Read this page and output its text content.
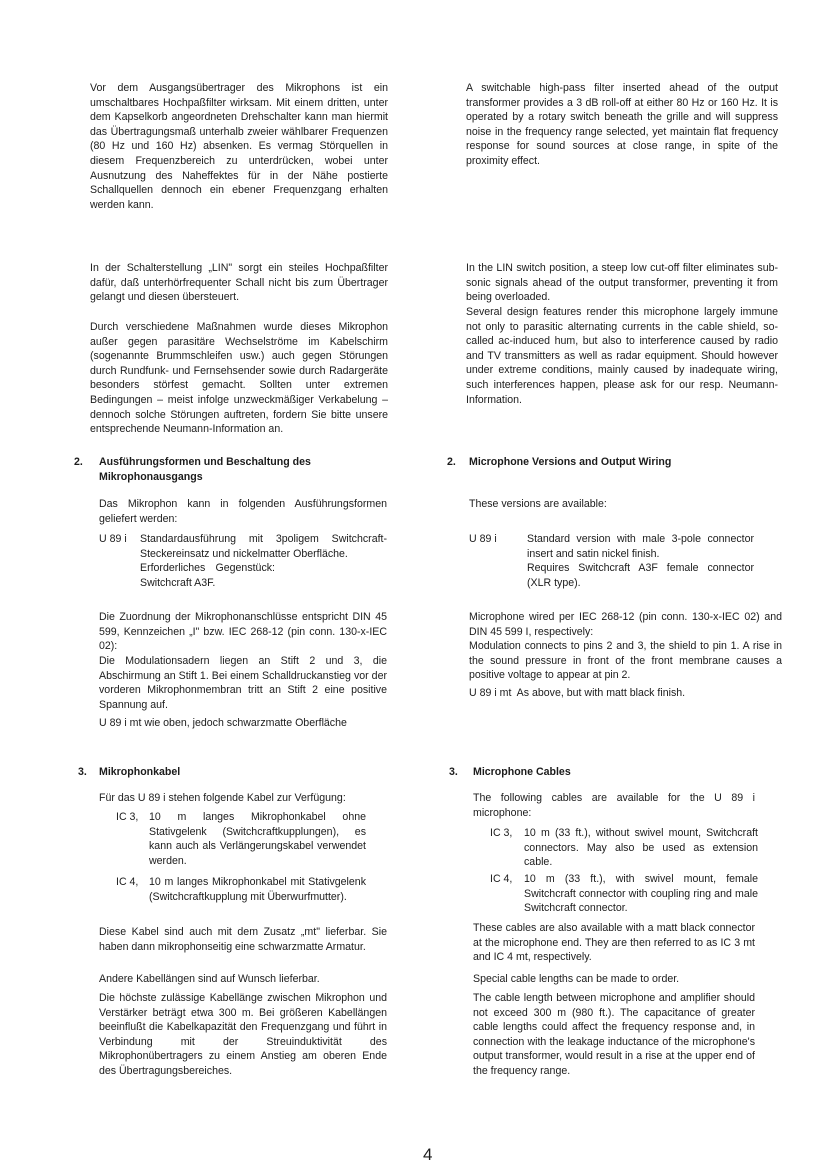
Vor dem Ausgangsübertrager des Mikrophons ist ein umschaltbares Hochpaßfilter wirksam. Mit einem dritten, unter dem Kapselkorb angeordneten Drehschalter kann man hiermit das Übertragungsmaß unterhalb zweier wählbarer Frequenzen (80 Hz und 160 Hz) absenken. Es vermag Störquellen in diesem Frequenzbereich zu unterdrücken, wobei unter Ausnutzung des Naheffektes für in der Nähe postierte Schallquellen dennoch ein ebener Frequenzgang erhalten werden kann.
In der Schalterstellung „LIN" sorgt ein steiles Hochpaßfilter dafür, daß unterhörfrequenter Schall nicht bis zum Übertrager gelangt und diesen übersteuert.
Durch verschiedene Maßnahmen wurde dieses Mikrophon außer gegen parasitäre Wechselströme im Kabelschirm (sogenannte Brummschleifen usw.) auch gegen Störungen durch Rundfunk- und Fernsehsender sowie durch Radargeräte besonders störfest gemacht. Sollten unter extremen Bedingungen – meist infolge unzweckmäßiger Verkabelung – dennoch solche Störungen auftreten, fordern Sie bitte unsere entsprechende Neumann-Information an.
2. Ausführungsformen und Beschaltung des Mikrophonausgangs
Das Mikrophon kann in folgenden Ausführungsformen geliefert werden:
U 89 i	Standardausführung mit 3poligem Switchcraft-Steckereinsatz und nickelmatter Oberfläche.
Erforderliches Gegenstück: Switchcraft A3F.
Die Zuordnung der Mikrophonanschlüsse entspricht DIN 45 599, Kennzeichen „I" bzw. IEC 268-12 (pin conn. 130-x-IEC 02):
Die Modulationsadern liegen an Stift 2 und 3, die Abschirmung an Stift 1. Bei einem Schalldruckanstieg vor der vorderen Mikrophonmembran tritt an Stift 2 eine positive Spannung auf.
U 89 i mt wie oben, jedoch schwarzmatte Oberfläche
3. Mikrophonkabel
Für das U 89 i stehen folgende Kabel zur Verfügung:
IC 3,	10 m langes Mikrophonkabel ohne Stativgelenk (Switchcraftkupplungen), es kann auch als Verlängerungskabel verwendet werden.
IC 4,	10 m langes Mikrophonkabel mit Stativgelenk (Switchcraftkupplung mit Überwurfmutter).
Diese Kabel sind auch mit dem Zusatz „mt" lieferbar. Sie haben dann mikrophonseitig eine schwarzmatte Armatur.
Andere Kabellängen sind auf Wunsch lieferbar.
Die höchste zulässige Kabellänge zwischen Mikrophon und Verstärker beträgt etwa 300 m. Bei größeren Kabellängen beeinflußt die Kabelkapazität den Frequenzgang und führt in Verbindung mit der Streuinduktivität des Mikrophonübertragers zu einem Anstieg am oberen Ende des Übertragungsbereiches.
A switchable high-pass filter inserted ahead of the output transformer provides a 3 dB roll-off at either 80 Hz or 160 Hz. It is operated by a rotary switch beneath the grille and will suppress noise in the frequency range selected, yet maintain flat frequency response for sound sources at close range, in spite of the proximity effect.
In the LIN switch position, a steep low cut-off filter eliminates sub-sonic signals ahead of the output transformer, preventing it from being overloaded.
Several design features render this microphone largely immune not only to parasitic alternating currents in the cable shield, so-called ac-induced hum, but also to interference caused by radio and TV transmitters as well as radar equipment. Should however under extreme conditions, mainly caused by inadequate wiring, such interferences happen, please ask for our resp. Neumann-Information.
2. Microphone Versions and Output Wiring
These versions are available:
U 89 i	Standard version with male 3-pole connector insert and satin nickel finish.
Requires Switchcraft A3F female connector (XLR type).
Microphone wired per IEC 268-12 (pin conn. 130-x-IEC 02) and DIN 45 599 I, respectively:
Modulation connects to pins 2 and 3, the shield to pin 1. A rise in the sound pressure in front of the front membrane causes a positive voltage to appear at pin 2.
U 89 i mt  As above, but with matt black finish.
3. Microphone Cables
The following cables are available for the U 89 i microphone:
IC 3,	10 m (33 ft.), without swivel mount, Switchcraft connectors. May also be used as extension cable.
IC 4,	10 m (33 ft.), with swivel mount, female Switchcraft connector with coupling ring and male Switchcraft connector.
These cables are also available with a matt black connector at the microphone end. They are then referred to as IC 3 mt and IC 4 mt, respectively.
Special cable lengths can be made to order.
The cable length between microphone and amplifier should not exceed 300 m (980 ft.). The capacitance of greater cable lengths could affect the frequency response and, in connection with the leakage inductance of the microphone's output transformer, would result in a rise at the upper end of the frequency range.
4
